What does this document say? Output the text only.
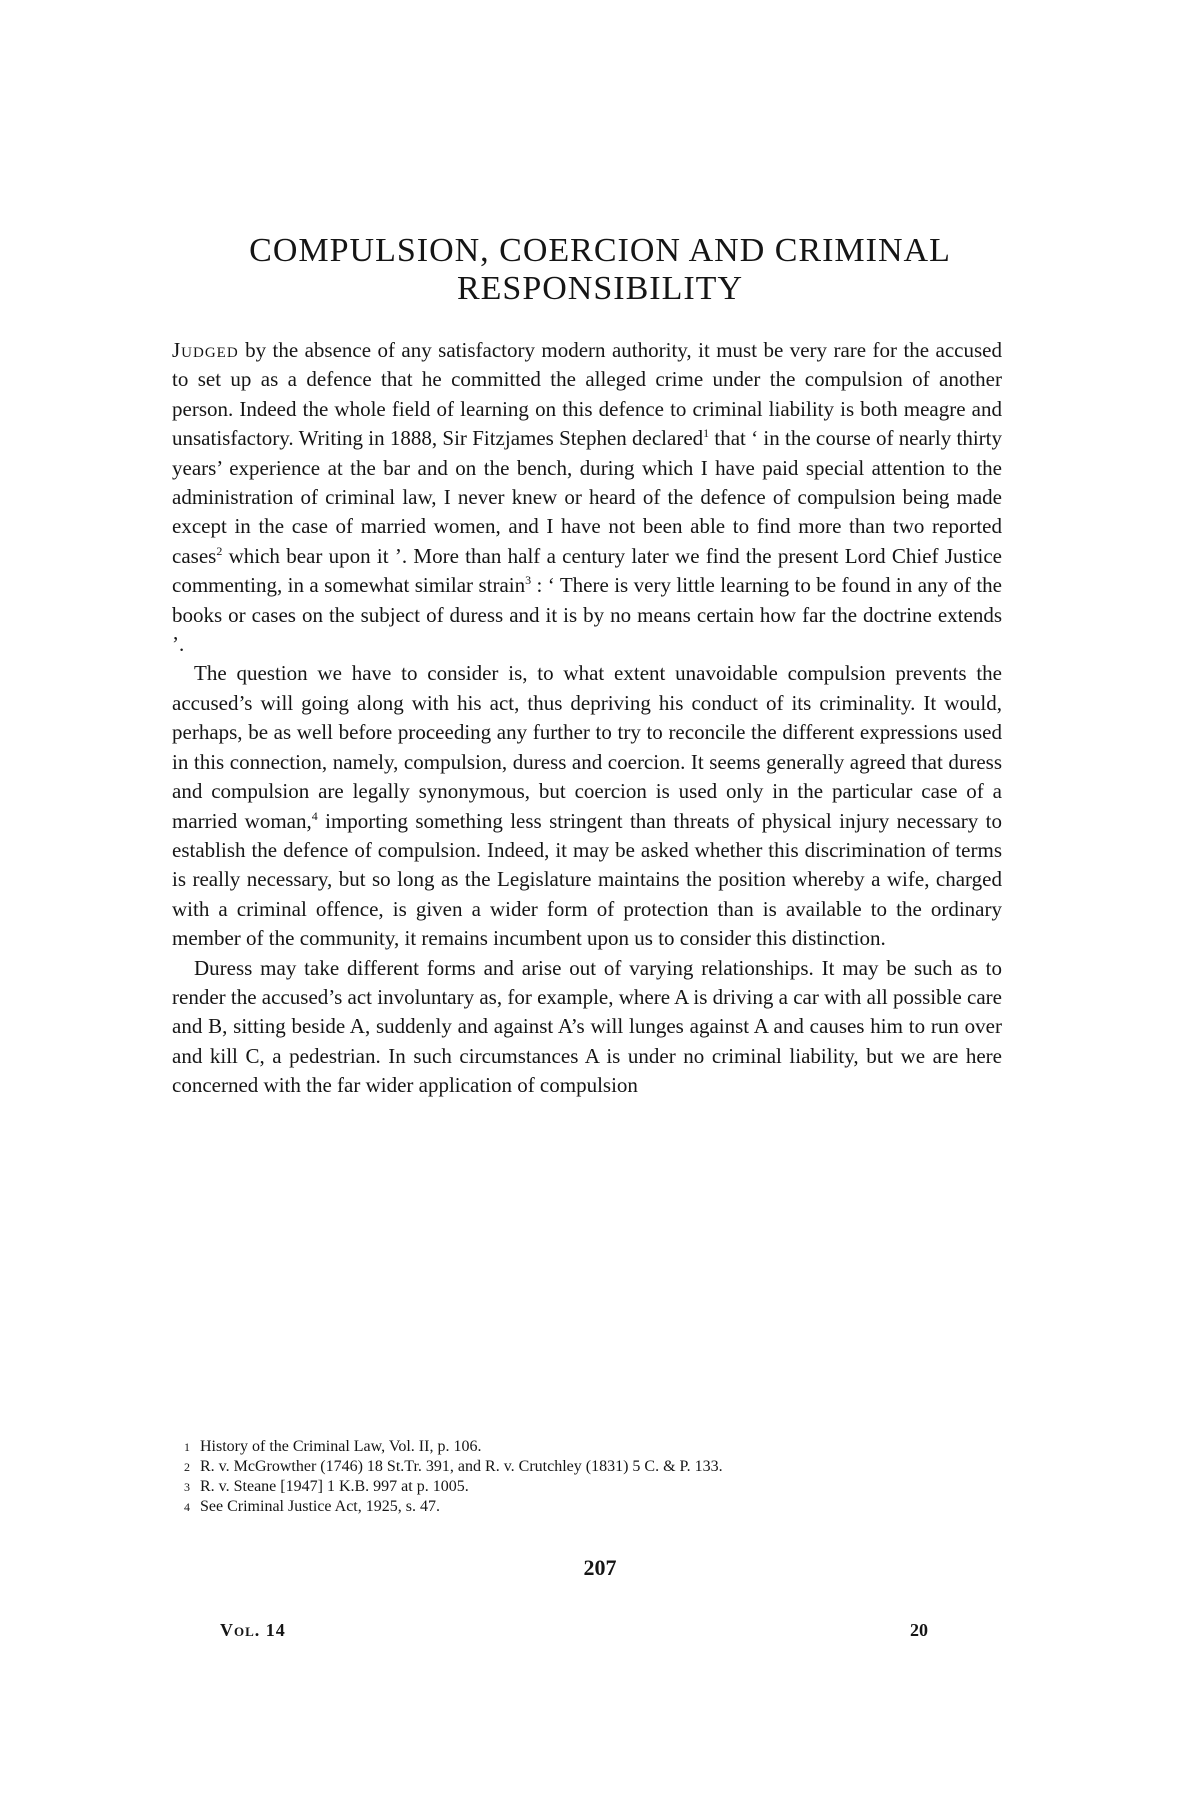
COMPULSION, COERCION AND CRIMINAL
RESPONSIBILITY

Judged by the absence of any satisfactory modern authority, it must be very rare for the accused to set up as a defence that he committed the alleged crime under the compulsion of another person. Indeed the whole field of learning on this defence to criminal liability is both meagre and unsatisfactory. Writing in 1888, Sir Fitzjames Stephen declared$^1$ that ‘ in the course of nearly thirty years’ experience at the bar and on the bench, during which I have paid special attention to the administration of criminal law, I never knew or heard of the defence of compulsion being made except in the case of married women, and I have not been able to find more than two reported cases$^2$ which bear upon it ’. More than half a century later we find the present Lord Chief Justice commenting, in a somewhat similar strain$^3$ : ‘ There is very little learning to be found in any of the books or cases on the subject of duress and it is by no means certain how far the doctrine extends ’.

The question we have to consider is, to what extent unavoidable compulsion prevents the accused’s will going along with his act, thus depriving his conduct of its criminality. It would, perhaps, be as well before proceeding any further to try to reconcile the different expressions used in this connection, namely, compulsion, duress and coercion. It seems generally agreed that duress and compulsion are legally synonymous, but coercion is used only in the particular case of a married woman,$^4$ importing something less stringent than threats of physical injury necessary to establish the defence of compulsion. Indeed, it may be asked whether this discrimination of terms is really necessary, but so long as the Legislature maintains the position whereby a wife, charged with a criminal offence, is given a wider form of protection than is available to the ordinary member of the community, it remains incumbent upon us to consider this distinction.

Duress may take different forms and arise out of varying relationships. It may be such as to render the accused’s act involuntary as, for example, where A is driving a car with all possible care and B, sitting beside A, suddenly and against A’s will lunges against A and causes him to run over and kill C, a pedestrian. In such circumstances A is under no criminal liability, but we are here concerned with the far wider application of compulsion

1 History of the Criminal Law, Vol. II, p. 106.
2 R. v. McGrowther (1746) 18 St.Tr. 391, and R. v. Crutchley (1831) 5 C. & P. 133.
3 R. v. Steane [1947] 1 K.B. 997 at p. 1005.
4 See Criminal Justice Act, 1925, s. 47.
207
Vol. 14	20
